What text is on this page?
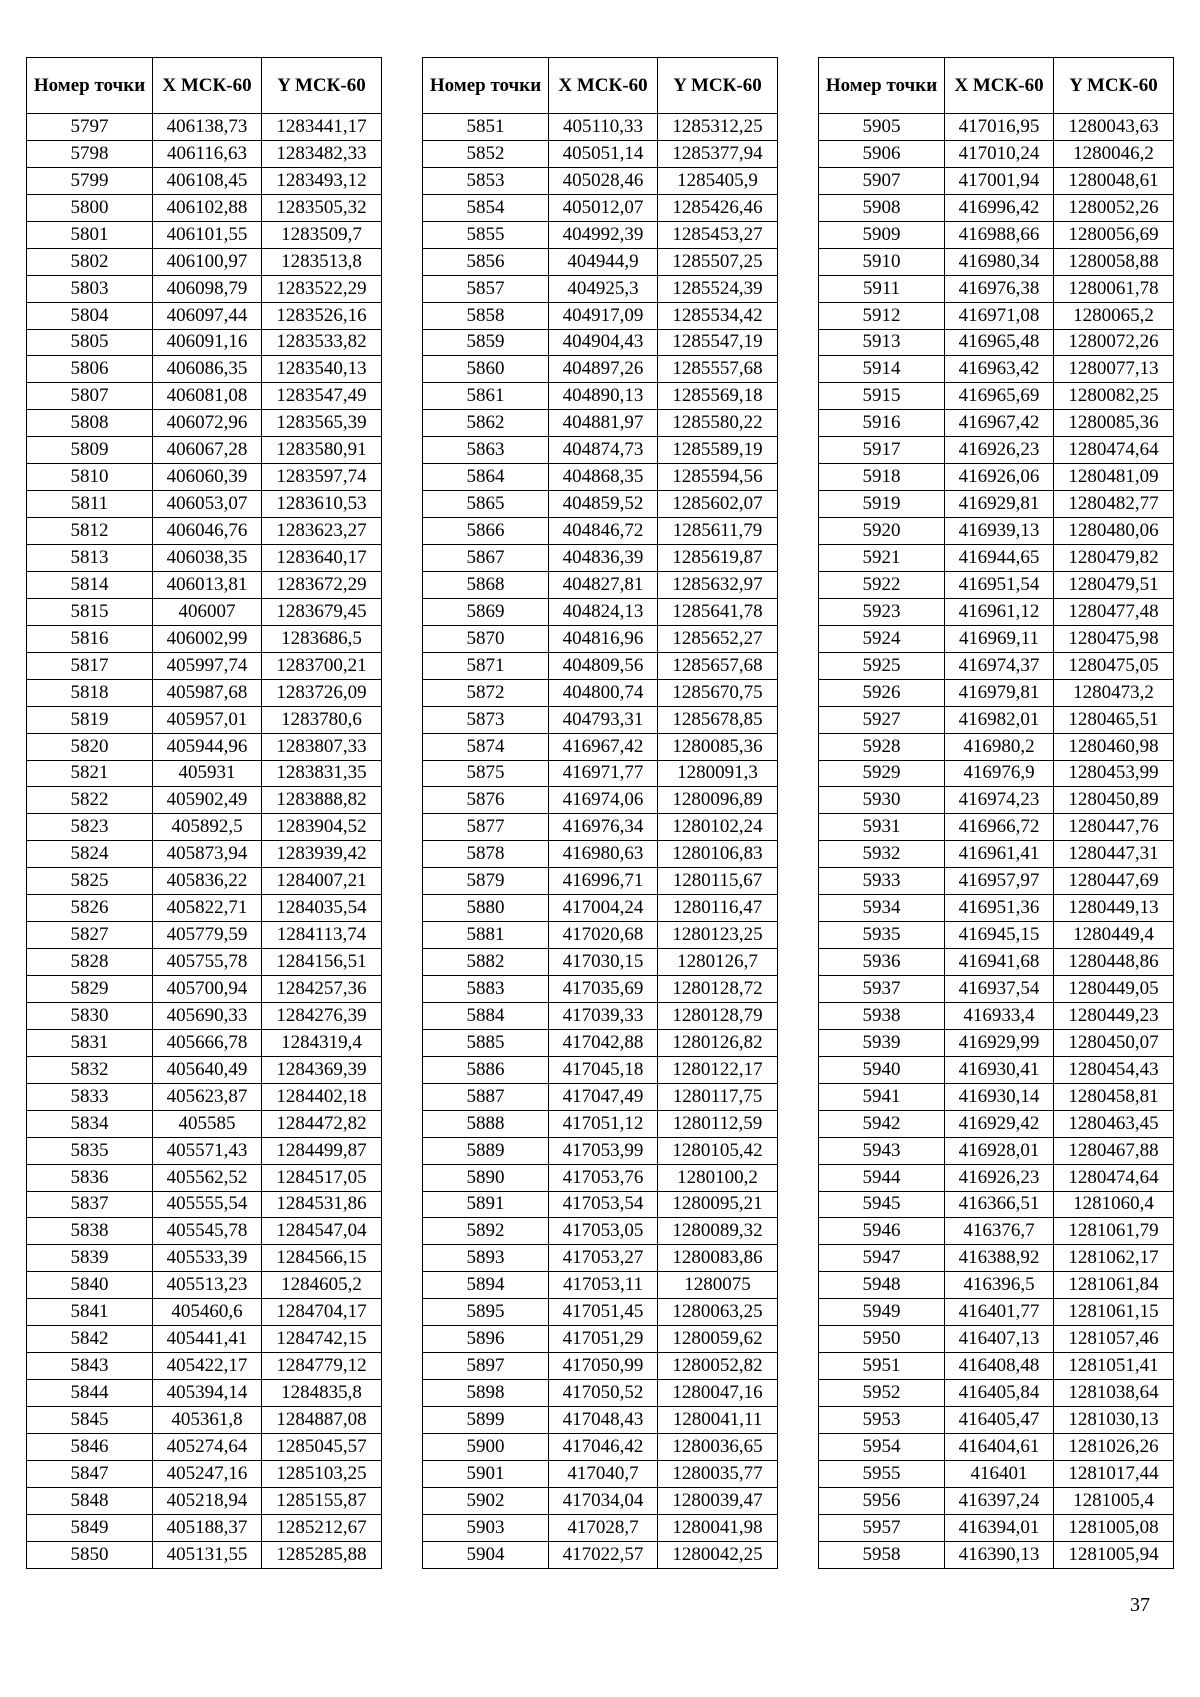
Номер точки	X МСК-60	Y МСК-60
5797	406138,73	1283441,17
5798	406116,63	1283482,33
5799	406108,45	1283493,12
5800	406102,88	1283505,32
5801	406101,55	1283509,7
5802	406100,97	1283513,8
5803	406098,79	1283522,29
5804	406097,44	1283526,16
5805	406091,16	1283533,82
5806	406086,35	1283540,13
5807	406081,08	1283547,49
5808	406072,96	1283565,39
5809	406067,28	1283580,91
5810	406060,39	1283597,74
5811	406053,07	1283610,53
5812	406046,76	1283623,27
5813	406038,35	1283640,17
5814	406013,81	1283672,29
5815	406007	1283679,45
5816	406002,99	1283686,5
5817	405997,74	1283700,21
5818	405987,68	1283726,09
5819	405957,01	1283780,6
5820	405944,96	1283807,33
5821	405931	1283831,35
5822	405902,49	1283888,82
5823	405892,5	1283904,52
5824	405873,94	1283939,42
5825	405836,22	1284007,21
5826	405822,71	1284035,54
5827	405779,59	1284113,74
5828	405755,78	1284156,51
5829	405700,94	1284257,36
5830	405690,33	1284276,39
5831	405666,78	1284319,4
5832	405640,49	1284369,39
5833	405623,87	1284402,18
5834	405585	1284472,82
5835	405571,43	1284499,87
5836	405562,52	1284517,05
5837	405555,54	1284531,86
5838	405545,78	1284547,04
5839	405533,39	1284566,15
5840	405513,23	1284605,2
5841	405460,6	1284704,17
5842	405441,41	1284742,15
5843	405422,17	1284779,12
5844	405394,14	1284835,8
5845	405361,8	1284887,08
5846	405274,64	1285045,57
5847	405247,16	1285103,25
5848	405218,94	1285155,87
5849	405188,37	1285212,67
5850	405131,55	1285285,88
Номер точки	X МСК-60	Y МСК-60
5851	405110,33	1285312,25
5852	405051,14	1285377,94
5853	405028,46	1285405,9
5854	405012,07	1285426,46
5855	404992,39	1285453,27
5856	404944,9	1285507,25
5857	404925,3	1285524,39
5858	404917,09	1285534,42
5859	404904,43	1285547,19
5860	404897,26	1285557,68
5861	404890,13	1285569,18
5862	404881,97	1285580,22
5863	404874,73	1285589,19
5864	404868,35	1285594,56
5865	404859,52	1285602,07
5866	404846,72	1285611,79
5867	404836,39	1285619,87
5868	404827,81	1285632,97
5869	404824,13	1285641,78
5870	404816,96	1285652,27
5871	404809,56	1285657,68
5872	404800,74	1285670,75
5873	404793,31	1285678,85
5874	416967,42	1280085,36
5875	416971,77	1280091,3
5876	416974,06	1280096,89
5877	416976,34	1280102,24
5878	416980,63	1280106,83
5879	416996,71	1280115,67
5880	417004,24	1280116,47
5881	417020,68	1280123,25
5882	417030,15	1280126,7
5883	417035,69	1280128,72
5884	417039,33	1280128,79
5885	417042,88	1280126,82
5886	417045,18	1280122,17
5887	417047,49	1280117,75
5888	417051,12	1280112,59
5889	417053,99	1280105,42
5890	417053,76	1280100,2
5891	417053,54	1280095,21
5892	417053,05	1280089,32
5893	417053,27	1280083,86
5894	417053,11	1280075
5895	417051,45	1280063,25
5896	417051,29	1280059,62
5897	417050,99	1280052,82
5898	417050,52	1280047,16
5899	417048,43	1280041,11
5900	417046,42	1280036,65
5901	417040,7	1280035,77
5902	417034,04	1280039,47
5903	417028,7	1280041,98
5904	417022,57	1280042,25
Номер точки	X МСК-60	Y МСК-60
5905	417016,95	1280043,63
5906	417010,24	1280046,2
5907	417001,94	1280048,61
5908	416996,42	1280052,26
5909	416988,66	1280056,69
5910	416980,34	1280058,88
5911	416976,38	1280061,78
5912	416971,08	1280065,2
5913	416965,48	1280072,26
5914	416963,42	1280077,13
5915	416965,69	1280082,25
5916	416967,42	1280085,36
5917	416926,23	1280474,64
5918	416926,06	1280481,09
5919	416929,81	1280482,77
5920	416939,13	1280480,06
5921	416944,65	1280479,82
5922	416951,54	1280479,51
5923	416961,12	1280477,48
5924	416969,11	1280475,98
5925	416974,37	1280475,05
5926	416979,81	1280473,2
5927	416982,01	1280465,51
5928	416980,2	1280460,98
5929	416976,9	1280453,99
5930	416974,23	1280450,89
5931	416966,72	1280447,76
5932	416961,41	1280447,31
5933	416957,97	1280447,69
5934	416951,36	1280449,13
5935	416945,15	1280449,4
5936	416941,68	1280448,86
5937	416937,54	1280449,05
5938	416933,4	1280449,23
5939	416929,99	1280450,07
5940	416930,41	1280454,43
5941	416930,14	1280458,81
5942	416929,42	1280463,45
5943	416928,01	1280467,88
5944	416926,23	1280474,64
5945	416366,51	1281060,4
5946	416376,7	1281061,79
5947	416388,92	1281062,17
5948	416396,5	1281061,84
5949	416401,77	1281061,15
5950	416407,13	1281057,46
5951	416408,48	1281051,41
5952	416405,84	1281038,64
5953	416405,47	1281030,13
5954	416404,61	1281026,26
5955	416401	1281017,44
5956	416397,24	1281005,4
5957	416394,01	1281005,08
5958	416390,13	1281005,94
37
